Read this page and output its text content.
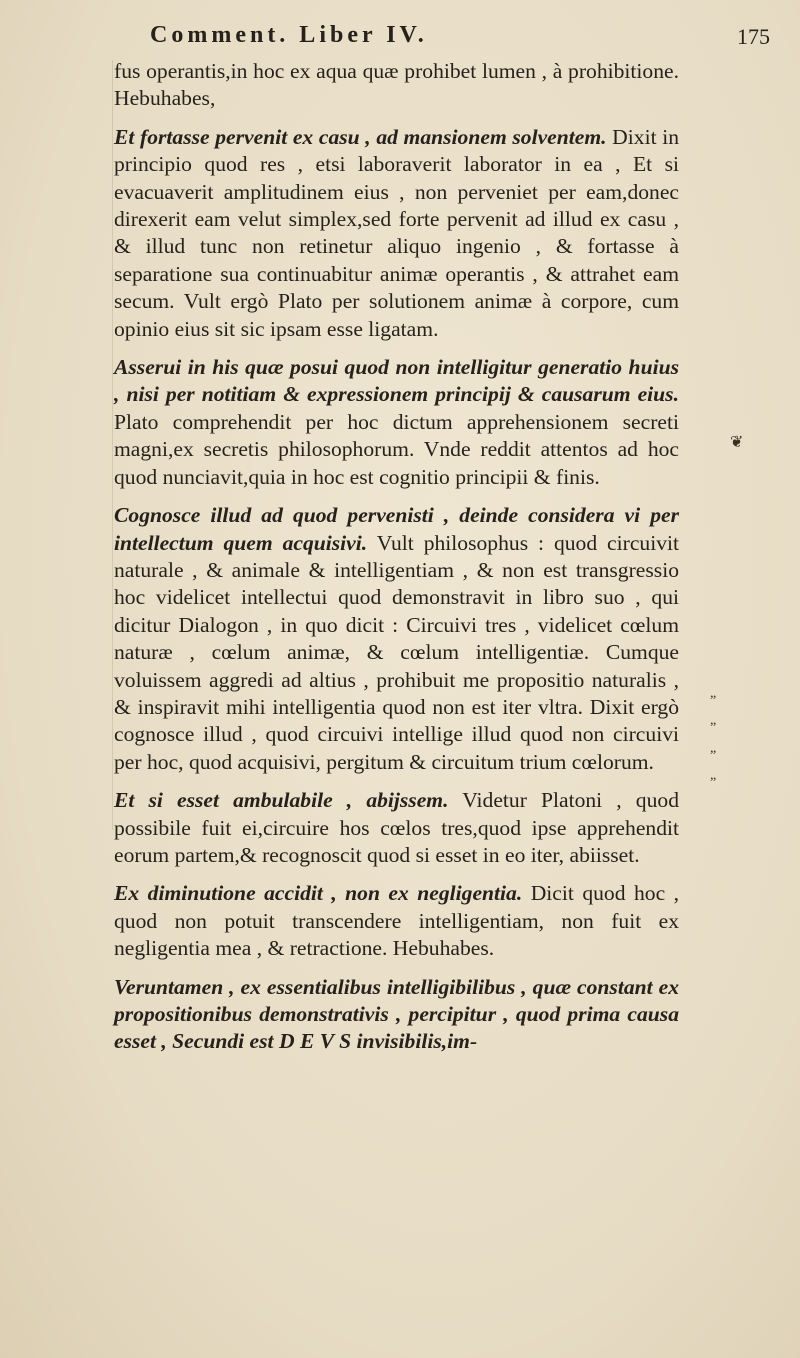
Comment. Liber IV.	175

fus operantis,in hoc ex aqua quæ prohibet lumen , à prohibitione. Hebuhabes,

Et fortasse pervenit ex casu , ad mansionem solventem. Dixit in principio quod res , etsi laboraverit laborator in ea , Et si evacuaverit amplitudinem eius , non perveniet per eam,donec direxerit eam velut simplex,sed forte pervenit ad illud ex casu , & illud tunc non retinetur aliquo ingenio , & fortasse à separatione sua continuabitur animæ operantis , & attrahet eam secum. Vult ergò Plato per solutionem animæ à corpore, cum opinio eius sit sic ipsam esse ligatam.

Asserui in his quæ posui quod non intelligitur generatio huius , nisi per notitiam & expressionem principij & causarum eius. Plato comprehendit per hoc dictum apprehensionem secreti magni,ex secretis philosophorum. Vnde reddit attentos ad hoc quod nunciavit,quia in hoc est cognitio principii & finis.

Cognosce illud ad quod pervenisti , deinde considera vi per intellectum quem acquisivi. Vult philosophus : quod circuivit naturale , & animale & intelligentiam , & non est transgressio hoc videlicet intellectui quod demonstravit in libro suo , qui dicitur Dialogon , in quo dicit : Circuivi tres , videlicet cœlum naturæ , cœlum animæ, & cœlum intelligentiæ. Cumque voluissem aggredi ad altius , prohibuit me propositio naturalis , & inspiravit mihi intelligentia quod non est iter vltra. Dixit ergò cognosce illud , quod circuivi intellige illud quod non circuivi per hoc, quod acquisivi, pergitum & circuitum trium cœlorum.

Et si esset ambulabile , abijssem. Videtur Platoni , quod possibile fuit ei,circuire hos cœlos tres,quod ipse apprehendit eorum partem,& recognoscit quod si esset in eo iter, abiisset.

Ex diminutione accidit , non ex negligentia. Dicit quod hoc , quod non potuit transcendere intelligentiam, non fuit ex negligentia mea , & retractione. Hebuhabes.

Veruntamen , ex essentialibus intelligibilibus , quæ constant ex propositionibus demonstrativis , percipitur , quod prima causa esset , Secundi est D E V S invisibilis,im-

❦
„
„
„
„
